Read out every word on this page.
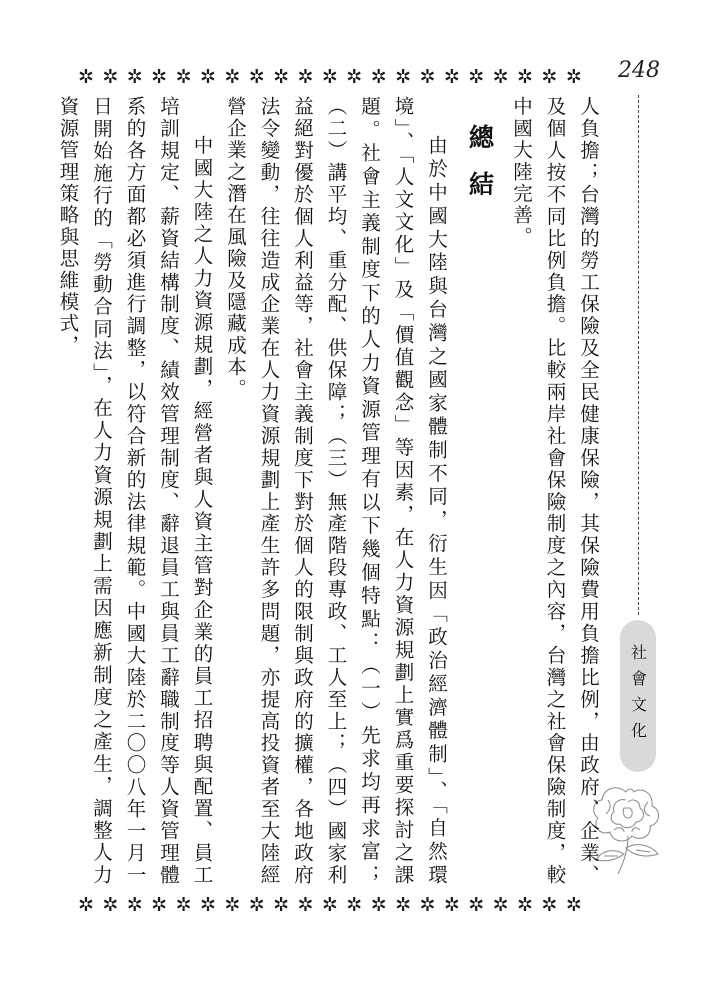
248
✲ ✲ ✲ ✲ ✲ ✲ ✲ ✲ ✲ ✲ ✲ ✲ ✲ ✲ ✲ ✲ ✲ ✲ ✲ ✲ ✲
✲ ✲ ✲ ✲ ✲ ✲ ✲ ✲ ✲ ✲ ✲ ✲ ✲ ✲ ✲ ✲ ✲ ✲ ✲ ✲ ✲
社會文化

人負擔；台灣的勞工保險及全民健康保險，其保險費用負擔比例，由政府、企業、及個人按不同比例負擔。比較兩岸社會保險制度之內容，台灣之社會保險制度，較中國大陸完善。

總結

由於中國大陸與台灣之國家體制不同，衍生因「政治經濟體制」、「自然環境」、「人文文化」及「價值觀念」等因素，在人力資源規劃上實爲重要探討之課題。社會主義制度下的人力資源管理有以下幾個特點：（一）先求均再求富；（二）講平均、重分配、供保障；（三）無產階段專政、工人至上；（四）國家利益絕對優於個人利益等，社會主義制度下對於個人的限制與政府的擴權，各地政府法令變動，往往造成企業在人力資源規劃上產生許多問題，亦提高投資者至大陸經營企業之潛在風險及隱藏成本。

中國大陸之人力資源規劃，經營者與人資主管對企業的員工招聘與配置、員工培訓規定、薪資結構制度、績效管理制度、辭退員工與員工辭職制度等人資管理體系的各方面都必須進行調整，以符合新的法律規範。中國大陸於二〇〇八年一月一日開始施行的「勞動合同法」，在人力資源規劃上需因應新制度之產生，調整人力資源管理策略與思維模式，
